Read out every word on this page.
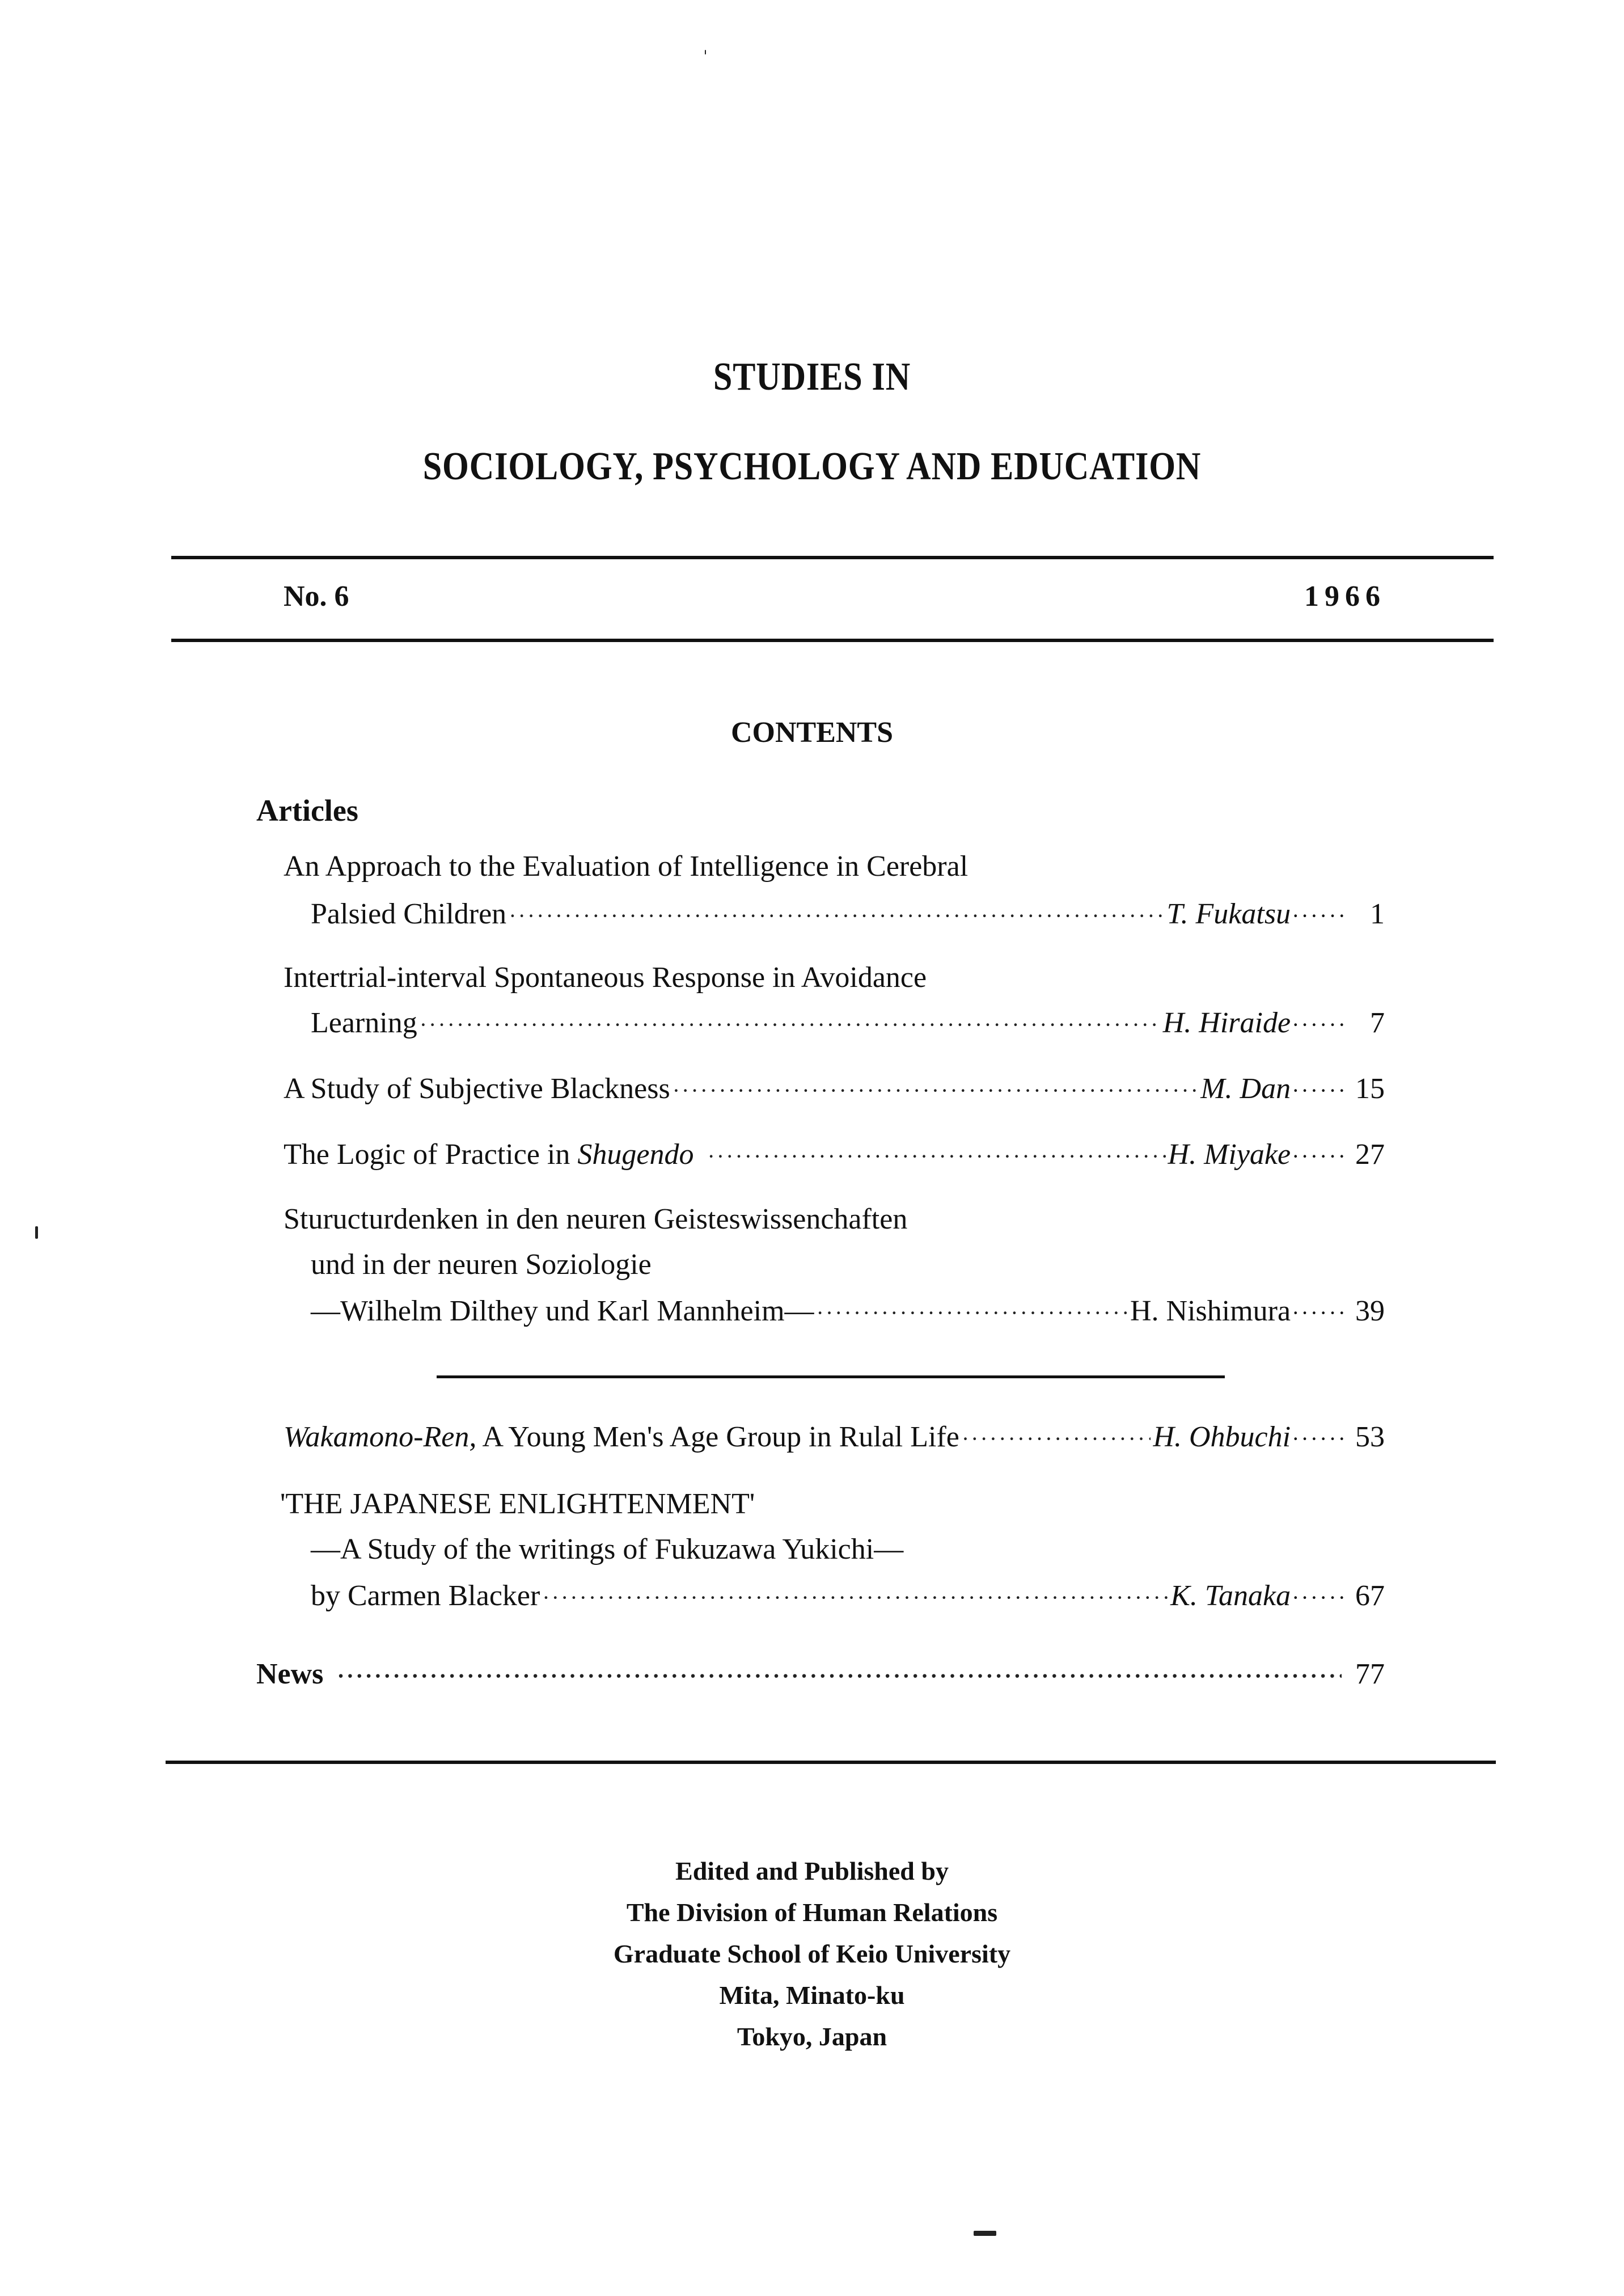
STUDIES IN
SOCIOLOGY, PSYCHOLOGY AND EDUCATION
No. 6	1966
CONTENTS
Articles
An Approach to the Evaluation of Intelligence in Cerebral
Palsied Children ·····	T. Fukatsu ······ 1
Intertrial-interval Spontaneous Response in Avoidance
Learning ·····	H. Hiraide ······ 7
A Study of Subjective Blackness ·····	M. Dan ······ 15
The Logic of Practice in Shugendo ·····	H. Miyake ······ 27
Sturucturdenken in den neuren Geisteswissenchaften
und in der neuren Soziologie
—Wilhelm Dilthey und Karl Mannheim— ·····	H. Nishimura ······ 39
Wakamono-Ren, A Young Men's Age Group in Rulal Life ·····	H. Ohbuchi ······ 53
'THE JAPANESE ENLIGHTENMENT'
—A Study of the writings of Fukuzawa Yukichi—
by Carmen Blacker ·····	K. Tanaka ······ 67
News ·····	77
Edited and Published by
The Division of Human Relations
Graduate School of Keio University
Mita, Minato-ku
Tokyo, Japan
